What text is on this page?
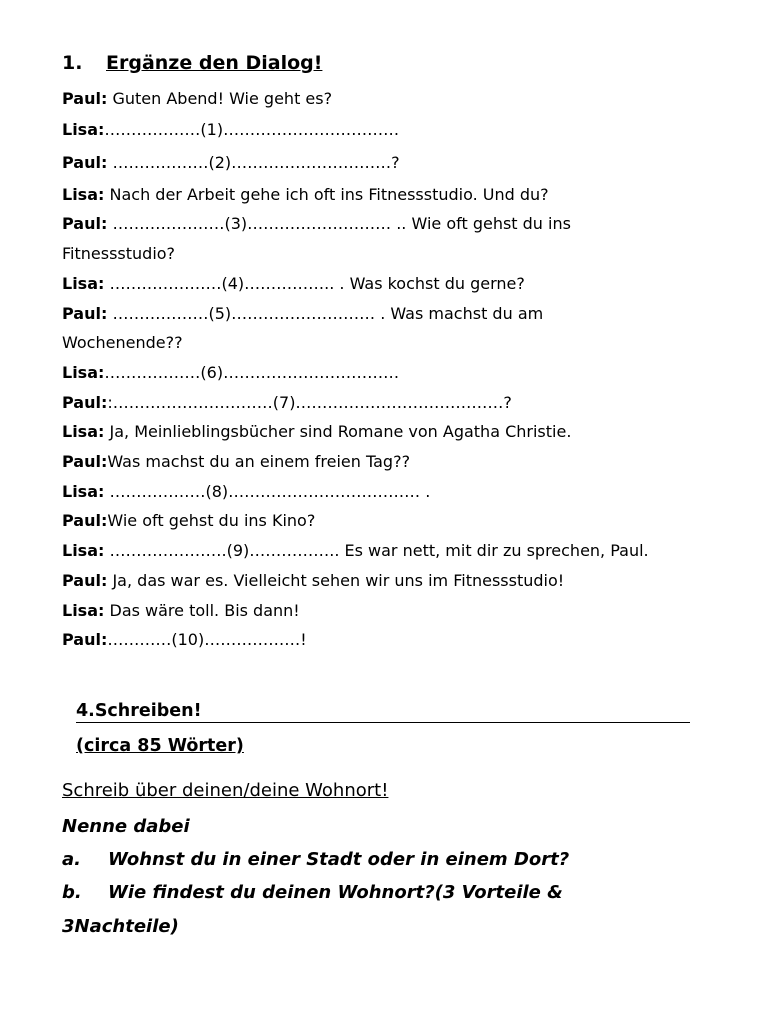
1. Ergänze den Dialog!
Paul: Guten Abend! Wie geht es?
Lisa:………………(1)……………………………
Paul: ………………(2)…………………………?
Lisa: Nach der Arbeit gehe ich oft ins Fitnessstudio. Und du?
Paul: …………………(3)……………………… .. Wie oft gehst du ins
Fitnessstudio?
Lisa: …………………(4)…………….. . Was kochst du gerne?
Paul: ………………(5)……………………… . Was machst du am
Wochenende??
Lisa:………………(6)……………………………
Paul::…………………………(7)…………………………………?
Lisa: Ja, Meinlieblingsbücher sind Romane von Agatha Christie.
Paul:Was machst du an einem freien Tag??
Lisa: ………………(8)……………………………… .
Paul:Wie oft gehst du ins Kino?
Lisa: ………………….(9)…………….. Es war nett, mit dir zu sprechen, Paul.
Paul: Ja, das war es. Vielleicht sehen wir uns im Fitnessstudio!
Lisa: Das wäre toll. Bis dann!
Paul:…………(10)………………!
4.Schreiben!
(circa 85 Wörter)
Schreib über deinen/deine Wohnort!
Nenne dabei
a. Wohnst du in einer Stadt oder in einem Dort?
b. Wie findest du deinen Wohnort?(3 Vorteile &
3Nachteile)
